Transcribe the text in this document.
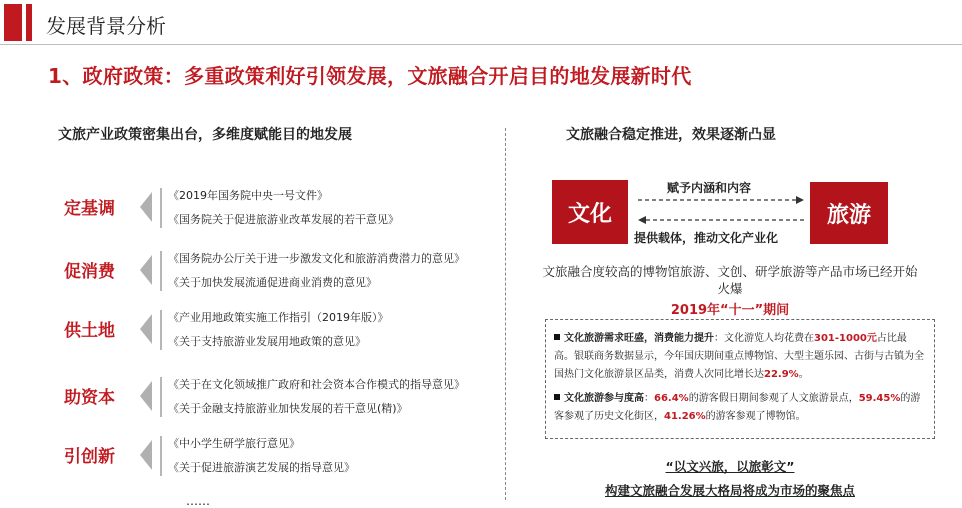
发展背景分析
1、政府政策：多重政策利好引领发展，文旅融合开启目的地发展新时代
文旅产业政策密集出台，多维度赋能目的地发展
定基调
《2019年国务院中央一号文件》
《国务院关于促进旅游业改革发展的若干意见》
促消费
《国务院办公厅关于进一步激发文化和旅游消费潜力的意见》
《关于加快发展流通促进商业消费的意见》
供土地
《产业用地政策实施工作指引（2019年版）》
《关于支持旅游业发展用地政策的意见》
助资本
《关于在文化领域推广政府和社会资本合作模式的指导意见》
《关于金融支持旅游业加快发展的若干意见(精)》
引创新
《中小学生研学旅行意见》
《关于促进旅游演艺发展的指导意见》
……
文旅融合稳定推进，效果逐渐凸显
文化	旅游
赋予内涵和内容
提供载体，推动文化产业化
文旅融合度较高的博物馆旅游、文创、研学旅游等产品市场已经开始火爆
2019年“十一”期间
文化旅游需求旺盛，消费能力提升：文化游览人均花费在301-1000元占比最高。银联商务数据显示，今年国庆期间重点博物馆、大型主题乐园、古街与古镇为全国热门文化旅游景区品类，消费人次同比增长达22.9%。
文化旅游参与度高：66.4%的游客假日期间参观了人文旅游景点，59.45%的游客参观了历史文化街区，41.26%的游客参观了博物馆。
“以文兴旅，以旅彰文”
构建文旅融合发展大格局将成为市场的聚焦点
